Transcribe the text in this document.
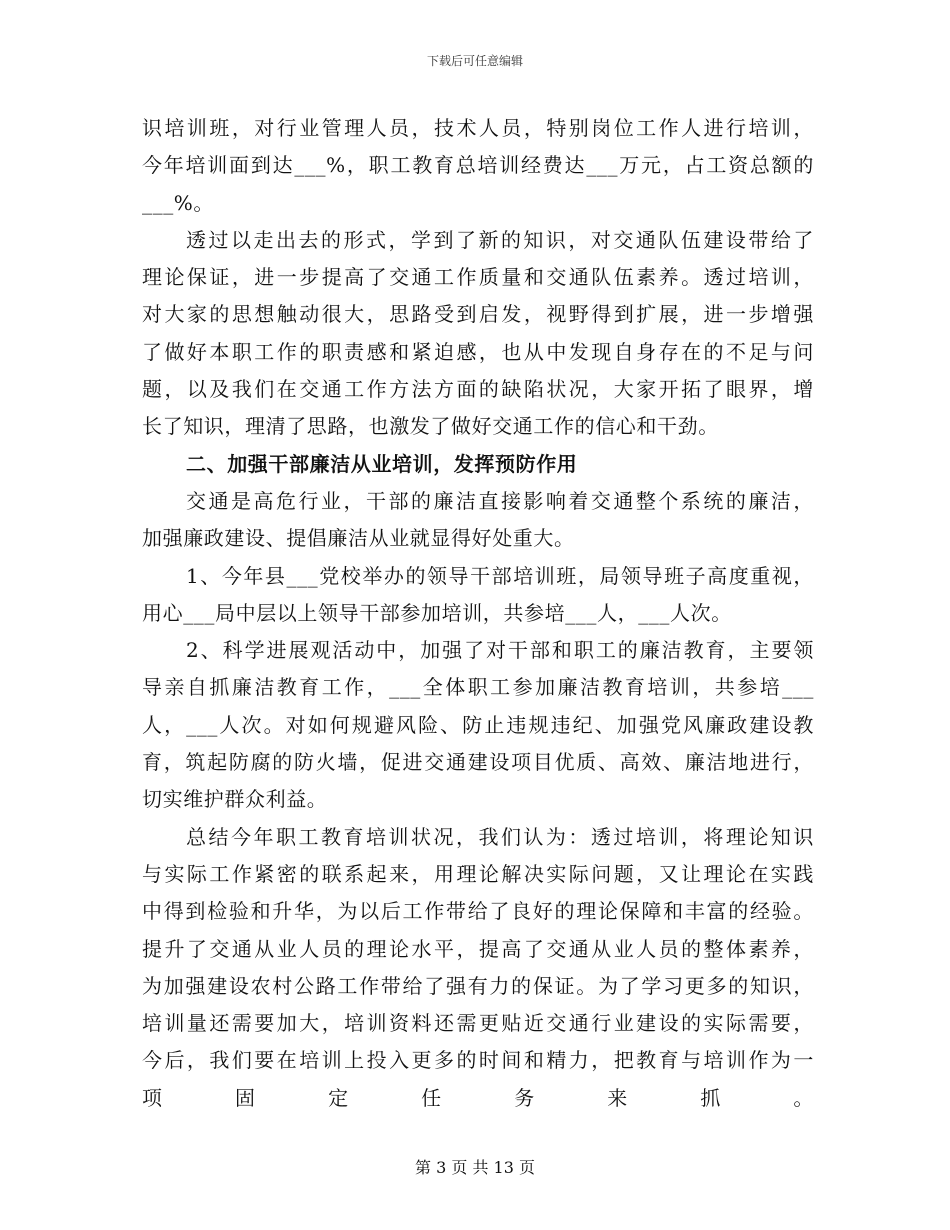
下载后可任意编辑
识培训班，对行业管理人员，技术人员，特别岗位工作人进行培训，
今年培训面到达___%，职工教育总培训经费达___万元，占工资总额的
___%。
透过以走出去的形式，学到了新的知识，对交通队伍建设带给了
理论保证，进一步提高了交通工作质量和交通队伍素养。透过培训，
对大家的思想触动很大，思路受到启发，视野得到扩展，进一步增强
了做好本职工作的职责感和紧迫感，也从中发现自身存在的不足与问
题，以及我们在交通工作方法方面的缺陷状况，大家开拓了眼界，增
长了知识，理清了思路，也激发了做好交通工作的信心和干劲。
二、加强干部廉洁从业培训，发挥预防作用
交通是高危行业，干部的廉洁直接影响着交通整个系统的廉洁，
加强廉政建设、提倡廉洁从业就显得好处重大。
1、今年县___党校举办的领导干部培训班，局领导班子高度重视，
用心___局中层以上领导干部参加培训，共参培___人，___人次。
2、科学进展观活动中，加强了对干部和职工的廉洁教育，主要领
导亲自抓廉洁教育工作，___全体职工参加廉洁教育培训，共参培___
人，___人次。对如何规避风险、防止违规违纪、加强党风廉政建设教
育，筑起防腐的防火墙，促进交通建设项目优质、高效、廉洁地进行，
切实维护群众利益。
总结今年职工教育培训状况，我们认为：透过培训，将理论知识
与实际工作紧密的联系起来，用理论解决实际问题，又让理论在实践
中得到检验和升华，为以后工作带给了良好的理论保障和丰富的经验。
提升了交通从业人员的理论水平，提高了交通从业人员的整体素养，
为加强建设农村公路工作带给了强有力的保证。为了学习更多的知识，
培训量还需要加大，培训资料还需更贴近交通行业建设的实际需要，
今后，我们要在培训上投入更多的时间和精力，把教育与培训作为一
项固定任务来抓。
第 3 页 共 13 页
